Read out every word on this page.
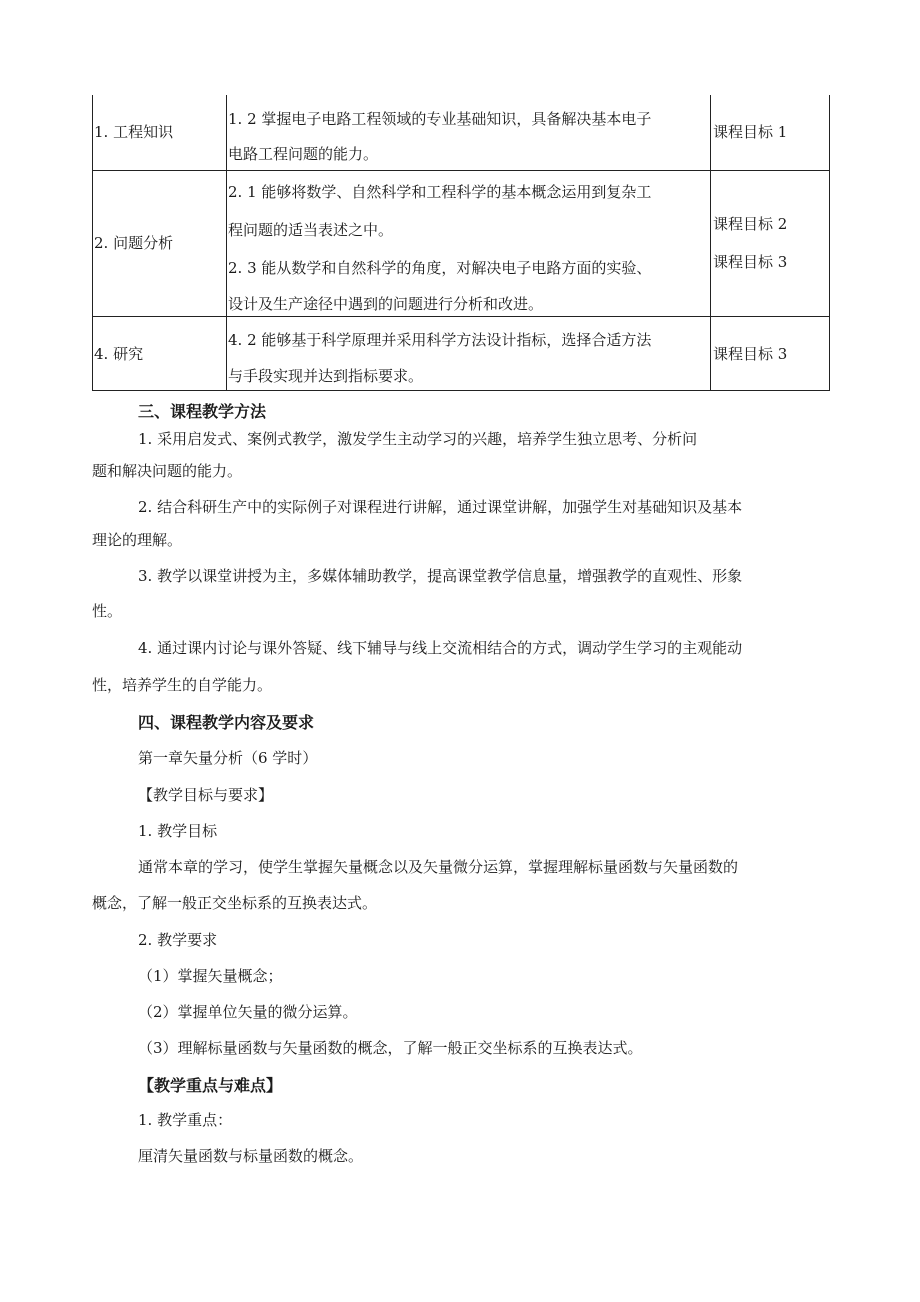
1. 工程知识
1. 2 掌握电子电路工程领域的专业基础知识，具备解决基本电子
电路工程问题的能力。
课程目标 1
2. 问题分析
2. 1 能够将数学、自然科学和工程科学的基本概念运用到复杂工
程问题的适当表述之中。
2. 3 能从数学和自然科学的角度，对解决电子电路方面的实验、
设计及生产途径中遇到的问题进行分析和改进。
课程目标 2
课程目标 3
4. 研究
4. 2 能够基于科学原理并采用科学方法设计指标，选择合适方法
与手段实现并达到指标要求。
课程目标 3
三、课程教学方法
1. 采用启发式、案例式教学，激发学生主动学习的兴趣，培养学生独立思考、分析问
题和解决问题的能力。
2. 结合科研生产中的实际例子对课程进行讲解，通过课堂讲解，加强学生对基础知识及基本
理论的理解。
3. 教学以课堂讲授为主，多媒体辅助教学，提高课堂教学信息量，增强教学的直观性、形象
性。
4. 通过课内讨论与课外答疑、线下辅导与线上交流相结合的方式，调动学生学习的主观能动
性，培养学生的自学能力。
四、课程教学内容及要求
第一章矢量分析（6 学时）
【教学目标与要求】
1. 教学目标
通常本章的学习，使学生掌握矢量概念以及矢量微分运算，掌握理解标量函数与矢量函数的
概念，了解一般正交坐标系的互换表达式。
2. 教学要求
（1）掌握矢量概念；
（2）掌握单位矢量的微分运算。
（3）理解标量函数与矢量函数的概念，了解一般正交坐标系的互换表达式。
【教学重点与难点】
1. 教学重点：
厘清矢量函数与标量函数的概念。
